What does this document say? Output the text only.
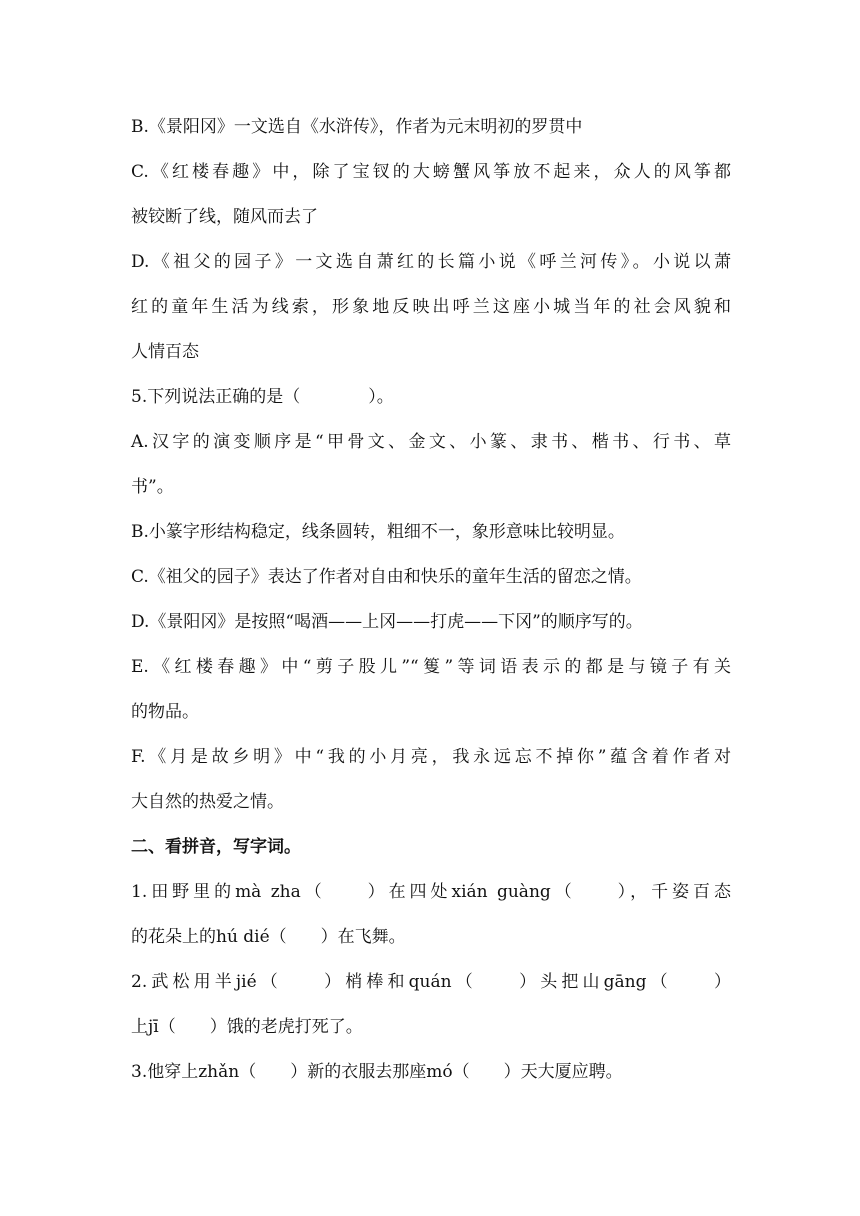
B.《景阳冈》一文选自《水浒传》，作者为元末明初的罗贯中
C.《红楼春趣》中，除了宝钗的大螃蟹风筝放不起来，众人的风筝都
被铰断了线，随风而去了
D.《祖父的园子》一文选自萧红的长篇小说《呼兰河传》。小说以萧
红的童年生活为线索，形象地反映出呼兰这座小城当年的社会风貌和
人情百态
5.下列说法正确的是（　　　　）。
A.汉字的演变顺序是“甲骨文、金文、小篆、隶书、楷书、行书、草
书”。
B.小篆字形结构稳定，线条圆转，粗细不一，象形意味比较明显。
C.《祖父的园子》表达了作者对自由和快乐的童年生活的留恋之情。
D.《景阳冈》是按照“喝酒——上冈——打虎——下冈”的顺序写的。
E.《红楼春趣》中“剪子股儿”“篗”等词语表示的都是与镜子有关
的物品。
F.《月是故乡明》中“我的小月亮，我永远忘不掉你”蕴含着作者对
大自然的热爱之情。
二、看拼音，写字词。
1.田野里的mà zha（　　）在四处xián guàng（　　），千姿百态
的花朵上的hú dié（　　）在飞舞。
2.武松用半jié（　　）梢棒和quán（　　）头把山gāng（　　）
上jī（　　）饿的老虎打死了。
3.他穿上zhǎn（　　）新的衣服去那座mó（　　）天大厦应聘。
